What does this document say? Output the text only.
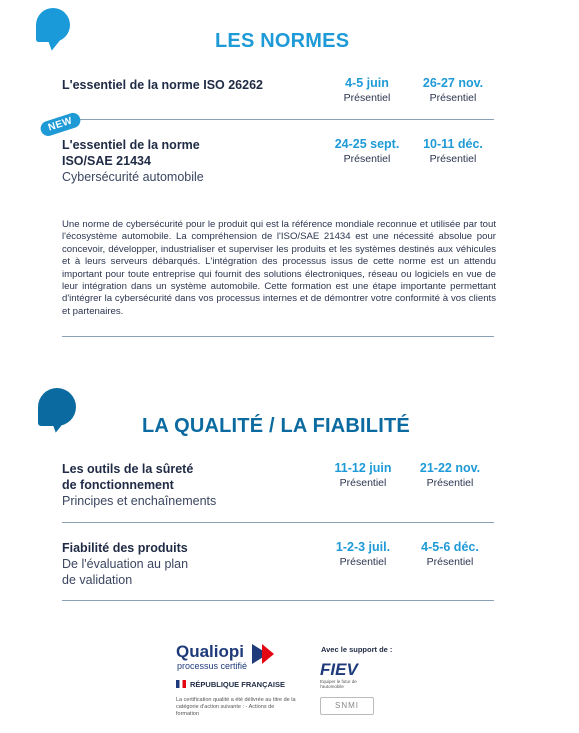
LES NORMES
L'essentiel de la norme ISO 26262	4-5 juin
Présentiel
26-27 nov.
Présentiel
NEW
L'essentiel de la norme
ISO/SAE 21434
Cybersécurité automobile
24-25 sept.
Présentiel
10-11 déc.
Présentiel
Une norme de cybersécurité pour le produit qui est la référence mondiale reconnue et utilisée par tout l'écosystème automobile. La compréhension de l'ISO/SAE 21434 est une nécessité absolue pour concevoir, développer, industrialiser et superviser les produits et les systèmes destinés aux véhicules et à leurs serveurs débarqués. L'intégration des processus issus de cette norme est un attendu important pour toute entreprise qui fournit des solutions électroniques, réseau ou logiciels en vue de leur intégration dans un système automobile. Cette formation est une étape importante permettant d'intégrer la cybersécurité dans vos processus internes et de démontrer votre conformité à vos clients et partenaires.
LA QUALITÉ / LA FIABILITÉ
Les outils de la sûreté
de fonctionnement
Principes et enchaînements
11-12 juin
Présentiel
21-22 nov.
Présentiel
Fiabilité des produits
De l'évaluation au plan
de validation
1-2-3 juil.
Présentiel
4-5-6 déc.
Présentiel
Qualiopi
processus certifié
RÉPUBLIQUE FRANÇAISE
La certification qualité a été délivrée au titre de la catégorie d'action suivante : - Actions de formation
Avec le support de :
FIEV
Equiper le futur de l'automobile
SNMI
